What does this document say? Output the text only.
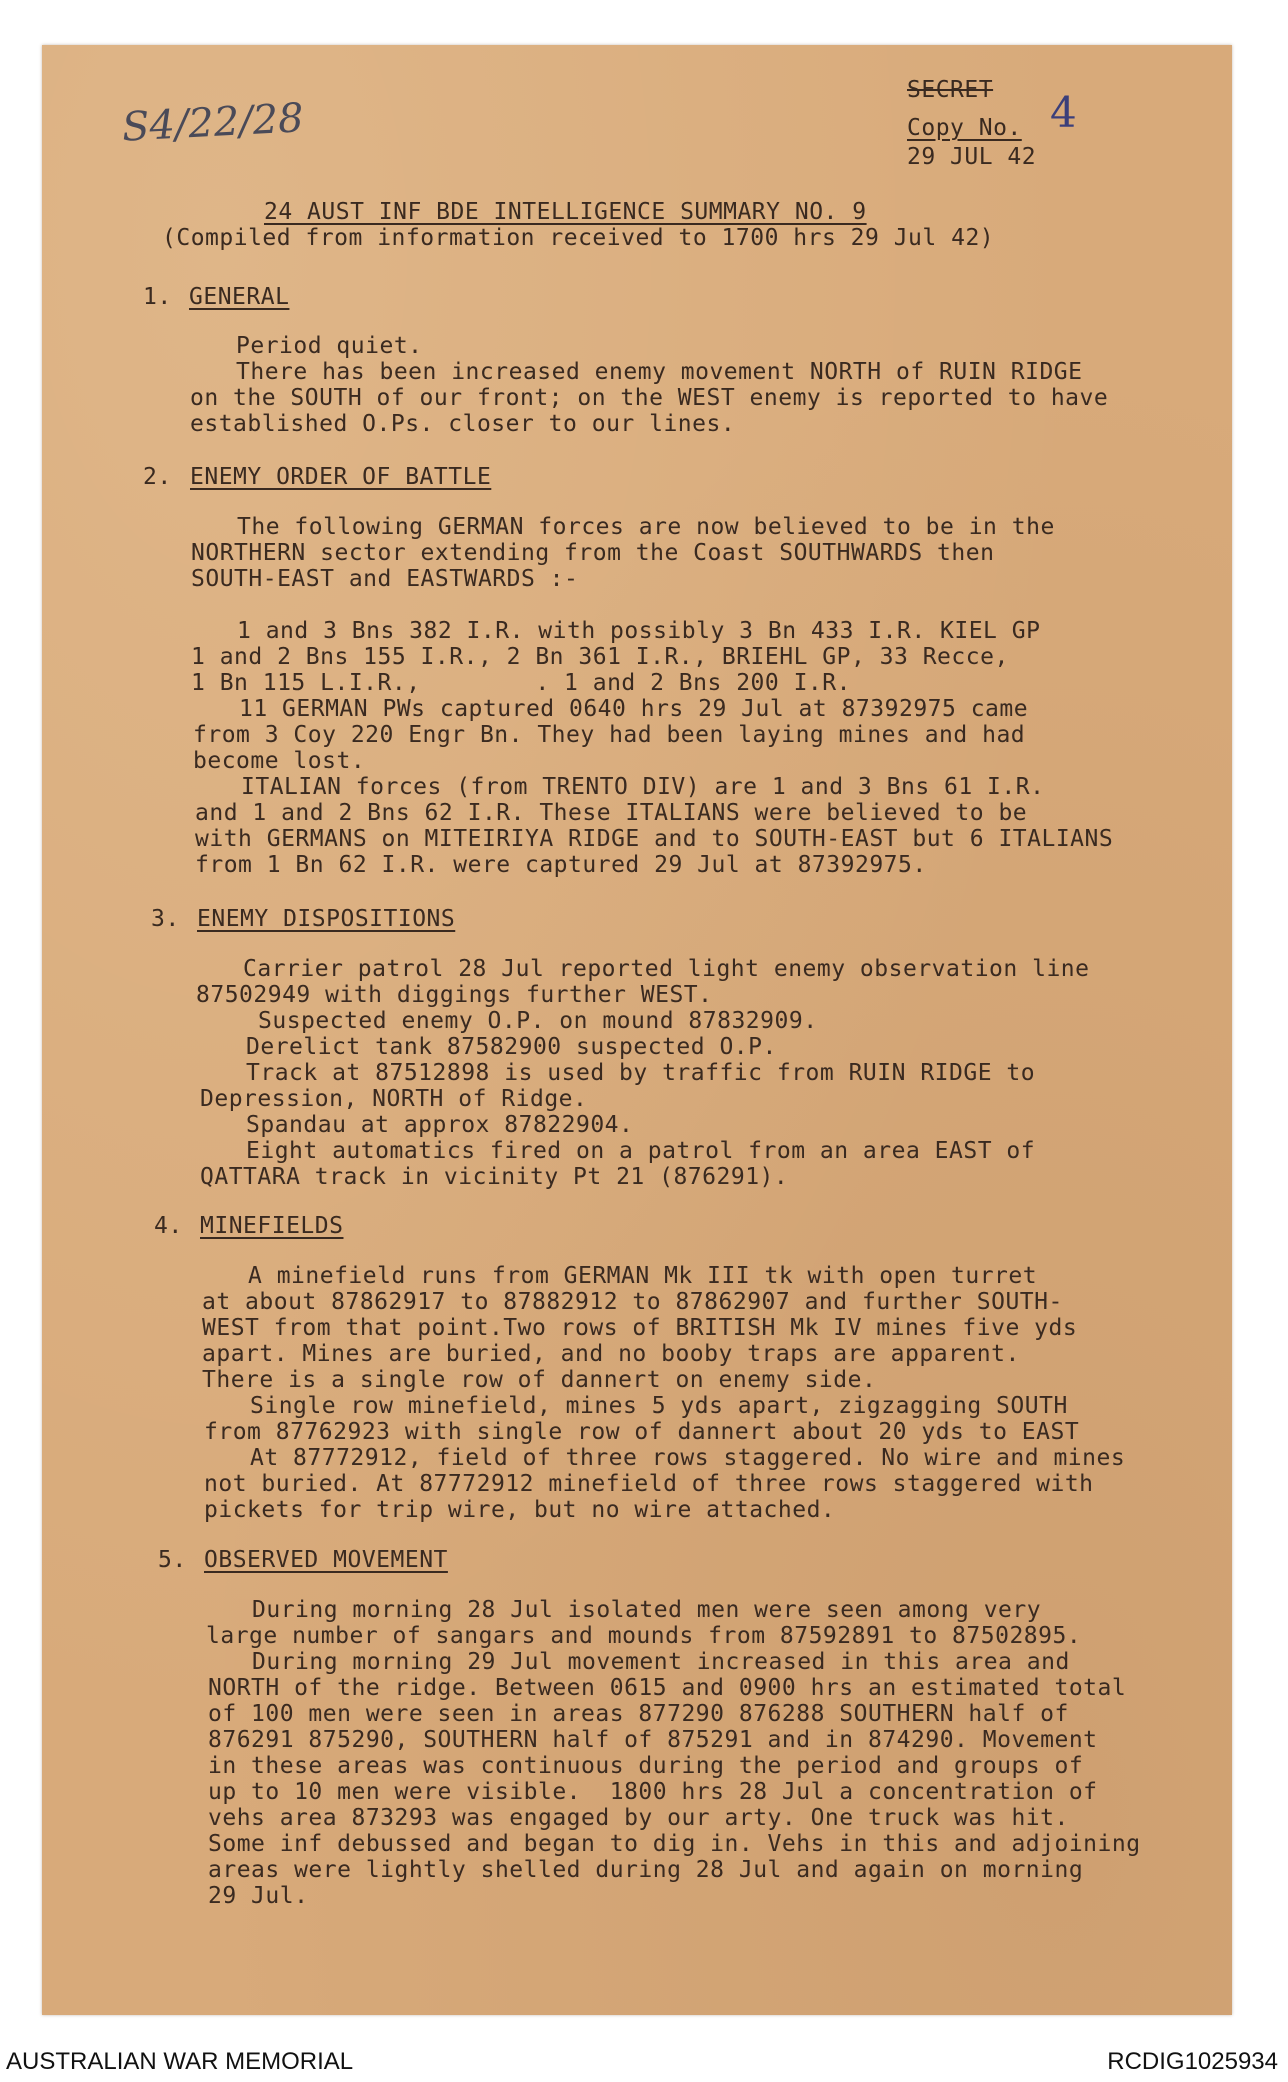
S4/22/28
SECRET
Copy No. 4
29 JUL 42
24 AUST INF BDE INTELLIGENCE SUMMARY NO. 9
(Compiled from information received to 1700 hrs 29 Jul 42)
1. GENERAL
Period quiet.
There has been increased enemy movement NORTH of RUIN RIDGE
on the SOUTH of our front; on the WEST enemy is reported to have
established O.Ps. closer to our lines.
2. ENEMY ORDER OF BATTLE
The following GERMAN forces are now believed to be in the
NORTHERN sector extending from the Coast SOUTHWARDS then
SOUTH-EAST and EASTWARDS :-
1 and 3 Bns 382 I.R. with possibly 3 Bn 433 I.R. KIEL GP
1 and 2 Bns 155 I.R., 2 Bn 361 I.R., BRIEHL GP, 33 Recce,
1 Bn 115 L.I.R.,        . 1 and 2 Bns 200 I.R.
11 GERMAN PWs captured 0640 hrs 29 Jul at 87392975 came
from 3 Coy 220 Engr Bn. They had been laying mines and had
become lost.
ITALIAN forces (from TRENTO DIV) are 1 and 3 Bns 61 I.R.
and 1 and 2 Bns 62 I.R. These ITALIANS were believed to be
with GERMANS on MITEIRIYA RIDGE and to SOUTH-EAST but 6 ITALIANS
from 1 Bn 62 I.R. were captured 29 Jul at 87392975.
3. ENEMY DISPOSITIONS
Carrier patrol 28 Jul reported light enemy observation line
87502949 with diggings further WEST.
Suspected enemy O.P. on mound 87832909.
Derelict tank 87582900 suspected O.P.
Track at 87512898 is used by traffic from RUIN RIDGE to
Depression, NORTH of Ridge.
Spandau at approx 87822904.
Eight automatics fired on a patrol from an area EAST of
QATTARA track in vicinity Pt 21 (876291).
4. MINEFIELDS
A minefield runs from GERMAN Mk III tk with open turret
at about 87862917 to 87882912 to 87862907 and further SOUTH-
WEST from that point.Two rows of BRITISH Mk IV mines five yds
apart. Mines are buried, and no booby traps are apparent.
There is a single row of dannert on enemy side.
Single row minefield, mines 5 yds apart, zigzagging SOUTH
from 87762923 with single row of dannert about 20 yds to EAST
At 87772912, field of three rows staggered. No wire and mines
not buried. At 87772912 minefield of three rows staggered with
pickets for trip wire, but no wire attached.
5. OBSERVED MOVEMENT
During morning 28 Jul isolated men were seen among very
large number of sangars and mounds from 87592891 to 87502895.
During morning 29 Jul movement increased in this area and
NORTH of the ridge. Between 0615 and 0900 hrs an estimated total
of 100 men were seen in areas 877290 876288 SOUTHERN half of
876291 875290, SOUTHERN half of 875291 and in 874290. Movement
in these areas was continuous during the period and groups of
up to 10 men were visible.  1800 hrs 28 Jul a concentration of
vehs area 873293 was engaged by our arty. One truck was hit.
Some inf debussed and began to dig in. Vehs in this and adjoining
areas were lightly shelled during 28 Jul and again on morning
29 Jul.
AUSTRALIAN WAR MEMORIAL	RCDIG1025934
